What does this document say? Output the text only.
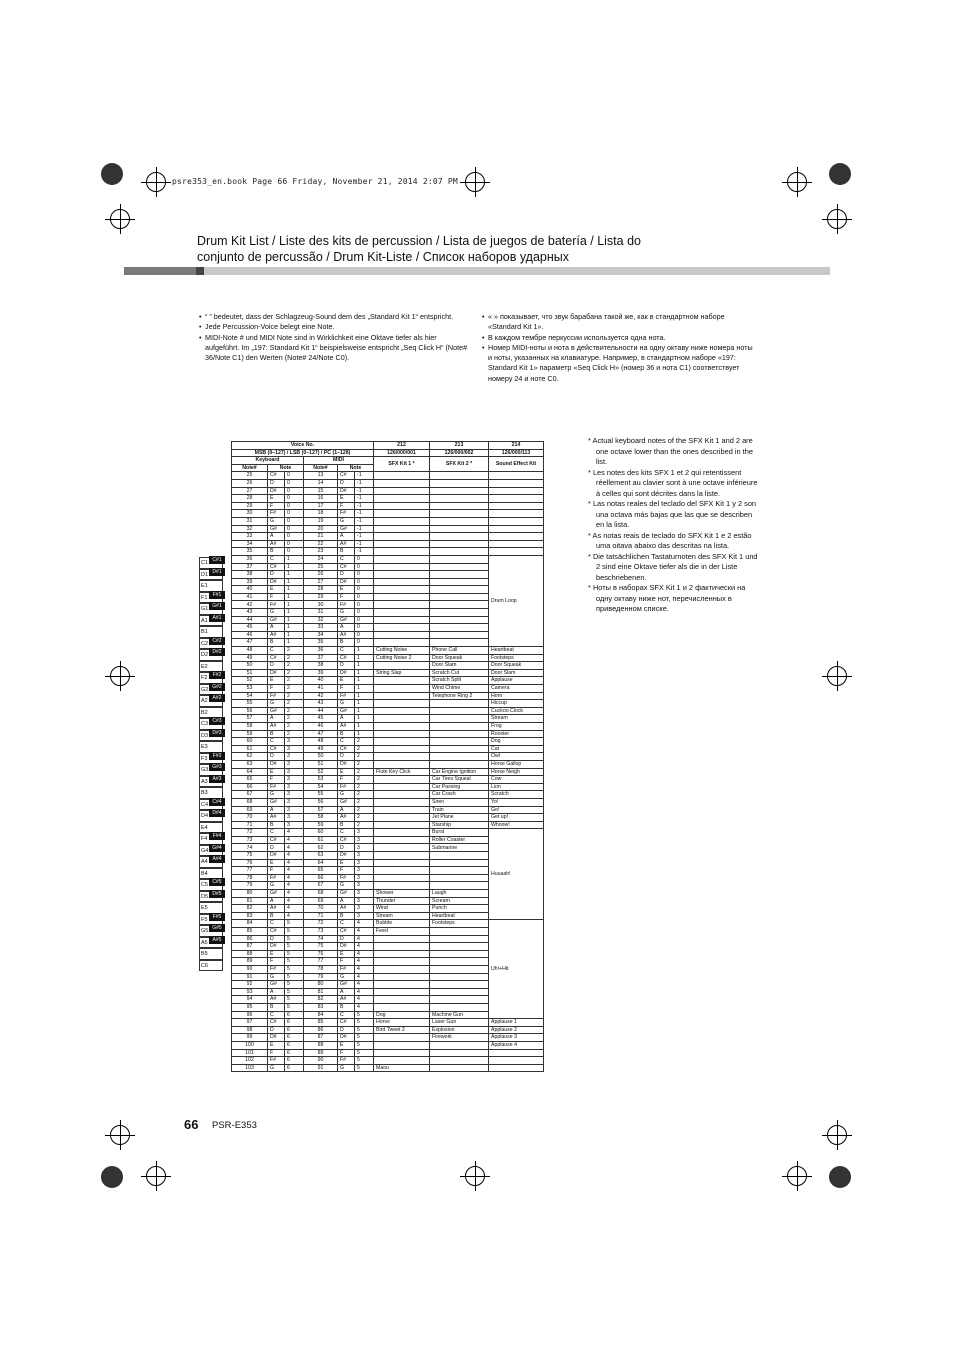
psre353_en.book Page 66 Friday, November 21, 2014 2:07 PM
Drum Kit List / Liste des kits de percussion / Lista de juegos de batería / Lista do conjunto de percussão / Drum Kit-Liste / Список наборов ударных
• “ ” bedeutet, dass der Schlagzeug-Sound dem des „Standard Kit 1“ entspricht.
• Jede Percussion-Voice belegt eine Note.
• MIDI-Note # und MIDI Note sind in Wirklichkeit eine Oktave tiefer als hier aufgeführt. Im „197: Standard Kit 1“ beispielsweise entspricht „Seq Click H“ (Note# 36/Note C1) den Werten (Note# 24/Note C0).
• « » показывает, что звук барабана такой же, как в стандартном наборе «Standard Kit 1».
• В каждом тембре перкуссии используется одна нота.
• Номер MIDI-ноты и нота в действительности на одну октаву ниже номера ноты и ноты, указанных на клавиатуре. Например, в стандартном наборе «197: Standard Kit 1» параметр «Seq Click H» (номер 36 и нота C1) соответствует номеру 24 и ноте C0.

* Actual keyboard notes of the SFX Kit 1 and 2 are one octave lower than the ones described in the list.

* Les notes des kits SFX 1 et 2 qui retentissent réellement au clavier sont à une octave inférieure à celles qui sont décrites dans la liste.

* Las notas reales del teclado del SFX Kit 1 y 2 son una octava más bajas que las que se describen en la lista.

* As notas reais de teclado do SFX Kit 1 e 2 estão uma oitava abaixo das descritas na lista.

* Die tatsächlichen Tastaturnoten des SFX Kit 1 und 2 sind eine Oktave tiefer als die in der Liste beschriebenen.

* Ноты в наборах SFX Kit 1 и 2 фактически на одну октаву ниже нот, перечисленных в приведенном списке.

C1 C#1
D1 D#1
E1
F1	F#1
G1 G#1
A1 A#1
B1
C2 C#2
D2 D#2
E2
F2	F#2
G2 G#2
A2 A#2
B2
C3 C#3
D3 D#3
E3
F3	F#3
G3 G#3
A3 A#3
B3
C4 C#4
D4 D#4
E4
F4	F#4
G4 G#4
A4 A#4
B4
C5 C#5
D5 D#5
E5
F5	F#5
G5 G#5
A5 A#5
B5
C6
Voice No.						212	213	214
MSB (0–127) / LSB (0–127) / PC (1–128)						126/000/001	126/000/002	126/000/113
Keyboard			MIDI			SFX Kit 1 *	SFX Kit 2 *	Sound Effect Kit
Note#	Note		Note#	Note				
25	C#	0	13	C#	-1			
26	D	0	14	D	-1			
27	D#	0	15	D#	-1			
28	E	0	16	E	-1			
29	F	0	17	F	-1			
30	F#	0	18	F#	-1			
31	G	0	19	G	-1			
32	G#	0	20	G#	-1			
33	A	0	21	A	-1			
34	A#	0	22	A#	-1			
35	B	0	23	B	-1			
36	C	1	24	C	0			Drum Loop
37	C#	1	25	C#	0			
38	D	1	26	D	0			
39	D#	1	27	D#	0			
40	E	1	28	E	0			
41	F	1	29	F	0			
42	F#	1	30	F#	0			
43	G	1	31	G	0			
44	G#	1	32	G#	0			
45	A	1	33	A	0			
46	A#	1	34	A#	0			
47	B	1	35	B	0			
48	C	2	36	C	1	Cutting Noise	Phone Call	Heartbeat
49	C#	2	37	C#	1	Cutting Noise 2	Door Squeak	Footsteps
50	D	2	38	D	1		Door Slam	Door Squeak
51	D#	2	39	D#	1	String Slap	Scratch Cut	Door Slam
52	E	2	40	E	1		Scratch Split	Applause
53	F	2	41	F	1		Wind Chime	Camera
54	F#	2	42	F#	1		Telephone Ring 2	Horn
55	G	2	43	G	1			Hiccup
56	G#	2	44	G#	1			Cuckoo Clock
57	A	2	45	A	1			Stream
58	A#	2	46	A#	1			Frog
59	B	2	47	B	1			Rooster
60	C	3	48	C	2			Dog
61	C#	3	49	C#	2			Cat
62	D	3	50	D	2			Owl
63	D#	3	51	D#	2			Horse Gallop
64	E	3	52	E	2	Flute Key Click	Car Engine Ignition	Horse Neigh
65	F	3	53	F	2		Car Tires Squeal	Cow
66	F#	3	54	F#	2		Car Passing	Lion
67	G	3	55	G	2		Car Crash	Scratch
68	G#	3	56	G#	2		Siren	Yo!
69	A	3	57	A	2		Train	Go!
70	A#	3	58	A#	2		Jet Plane	Get up!
71	B	3	59	B	2		Starship	Whoow!
72	C	4	60	C	3		Burst	Huuaah!
73	C#	4	61	C#	3		Roller Coaster	
74	D	4	62	D	3		Submarine	
75	D#	4	63	D#	3			
76	E	4	64	E	3			
77	F	4	65	F	3			
78	F#	4	66	F#	3			
79	G	4	67	G	3			
80	G#	4	68	G#	3	Shower	Laugh	
81	A	4	69	A	3	Thunder	Scream	
82	A#	4	70	A#	3	Wind	Punch	
83	B	4	71	B	3	Stream	Heartbeat	
84	C	5	72	C	4	Bubble	Footsteps	Uh!+Hit
85	C#	5	73	C#	4	Feed		
86	D	5	74	D	4			
87	D#	5	75	D#	4			
88	E	5	76	E	4			
89	F	5	77	F	4			
90	F#	5	78	F#	4			
91	G	5	79	G	4			
92	G#	5	80	G#	4			
93	A	5	81	A	4			
94	A#	5	82	A#	4			
95	B	5	83	B	4			
96	C	6	84	C	5	Dog	Machine Gun	
97	C#	6	85	C#	5	Horse	Laser Gun	Applause 1
98	D	6	86	D	5	Bird Tweet 2	Explosion	Applause 2
99	D#	6	87	D#	5		Firework	Applause 3
100	E	6	88	E	5			Applause 4
101	F	6	89	F	5			
102	F#	6	90	F#	5			
103	G	6	91	G	5	Maou		
66 PSR-E353
